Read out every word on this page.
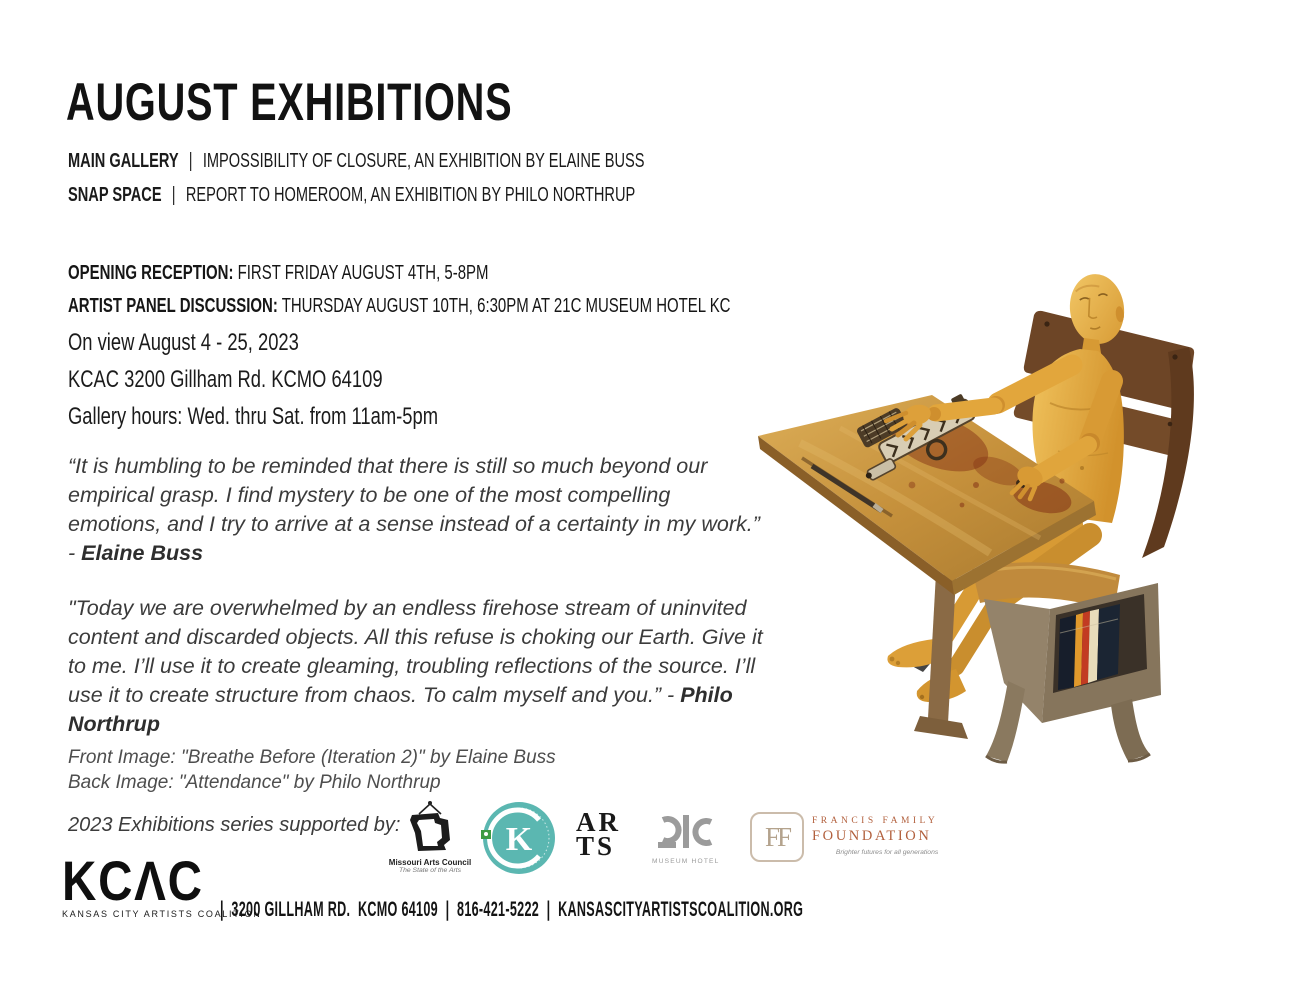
AUGUST EXHIBITIONS
MAIN GALLERY | IMPOSSIBILITY OF CLOSURE, AN EXHIBITION BY ELAINE BUSS
SNAP SPACE | REPORT TO HOMEROOM, AN EXHIBITION BY PHILO NORTHRUP
OPENING RECEPTION: FIRST FRIDAY AUGUST 4TH, 5-8PM
ARTIST PANEL DISCUSSION: THURSDAY AUGUST 10TH, 6:30PM AT 21C MUSEUM HOTEL KC
On view August 4 - 25, 2023
KCAC 3200 Gillham Rd. KCMO 64109
Gallery hours: Wed. thru Sat. from 11am-5pm

“It is humbling to be reminded that there is still so much beyond our empirical grasp. I find mystery to be one of the most compelling emotions, and I try to arrive at a sense instead of a certainty in my work.” - Elaine Buss

"Today we are overwhelmed by an endless firehose stream of uninvited content and discarded objects. All this refuse is choking our Earth. Give it to me. I’ll use it to create gleaming, troubling reflections of the source. I’ll use it to create structure from chaos. To calm myself and you.” - Philo Northrup

Front Image: "Breathe Before (Iteration 2)" by Elaine Buss
Back Image: "Attendance" by Philo Northrup
2023 Exhibitions series supported by:
Missouri Arts Council
The State of the Arts
K AR
TS
MUSEUM HOTEL
FF
FRANCIS FAMILY
FOUNDATION
Brighter futures for all generations
KCΛC
KANSAS CITY ARTISTS COALITION
|  3200 GILLHAM RD.  KCMO 64109  |  816-421-5222  |  KANSASCITYARTISTSCOALITION.ORG
